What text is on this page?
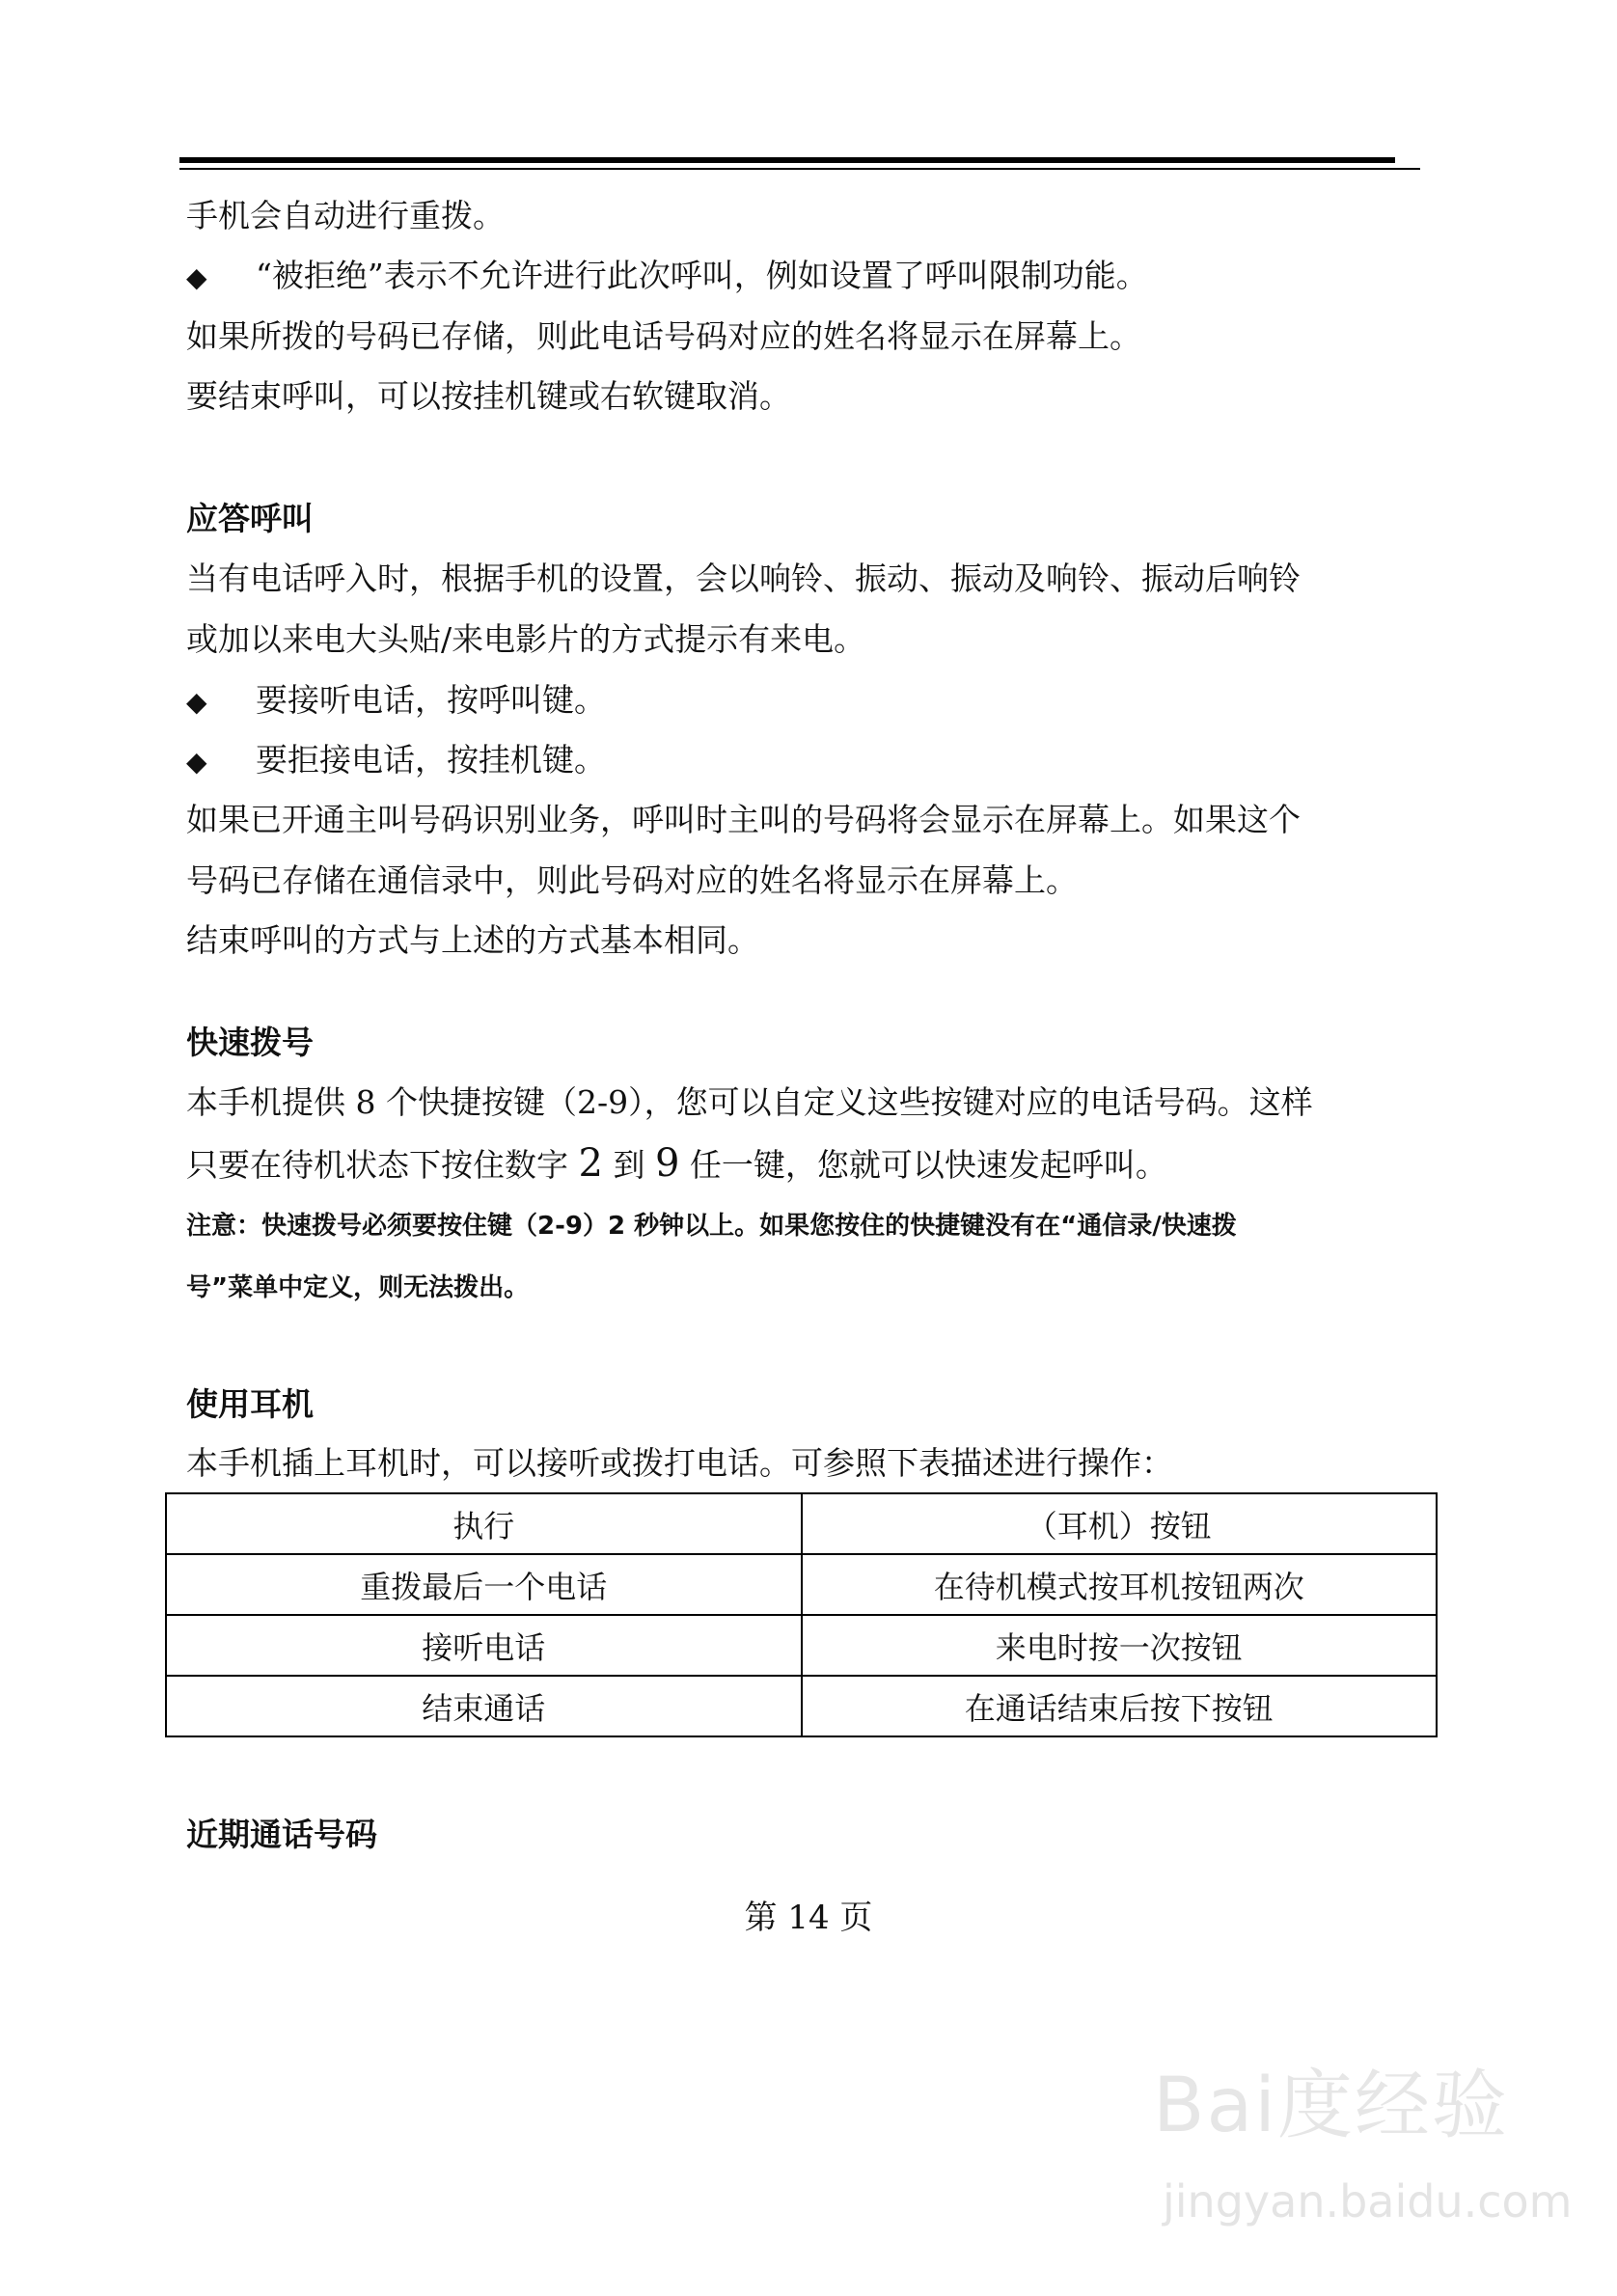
手机会自动进行重拨。
◆ “被拒绝”表示不允许进行此次呼叫，例如设置了呼叫限制功能。
如果所拨的号码已存储，则此电话号码对应的姓名将显示在屏幕上。
要结束呼叫，可以按挂机键或右软键取消。
应答呼叫
当有电话呼入时，根据手机的设置，会以响铃、振动、振动及响铃、振动后响铃
或加以来电大头贴/来电影片的方式提示有来电。
◆ 要接听电话，按呼叫键。
◆ 要拒接电话，按挂机键。
如果已开通主叫号码识别业务，呼叫时主叫的号码将会显示在屏幕上。如果这个
号码已存储在通信录中，则此号码对应的姓名将显示在屏幕上。
结束呼叫的方式与上述的方式基本相同。
快速拨号
本手机提供 8 个快捷按键（2-9），您可以自定义这些按键对应的电话号码。这样
只要在待机状态下按住数字 2 到 9 任一键，您就可以快速发起呼叫。
注意：快速拨号必须要按住键（2-9）2 秒钟以上。如果您按住的快捷键没有在“通信录/快速拨
号”菜单中定义，则无法拨出。
使用耳机
本手机插上耳机时，可以接听或拨打电话。可参照下表描述进行操作：
执行	（耳机）按钮
重拨最后一个电话	在待机模式按耳机按钮两次
接听电话	来电时按一次按钮
结束通话	在通话结束后按下按钮
近期通话号码
第 14 页
Bai度经验
jingyan.baidu.com
